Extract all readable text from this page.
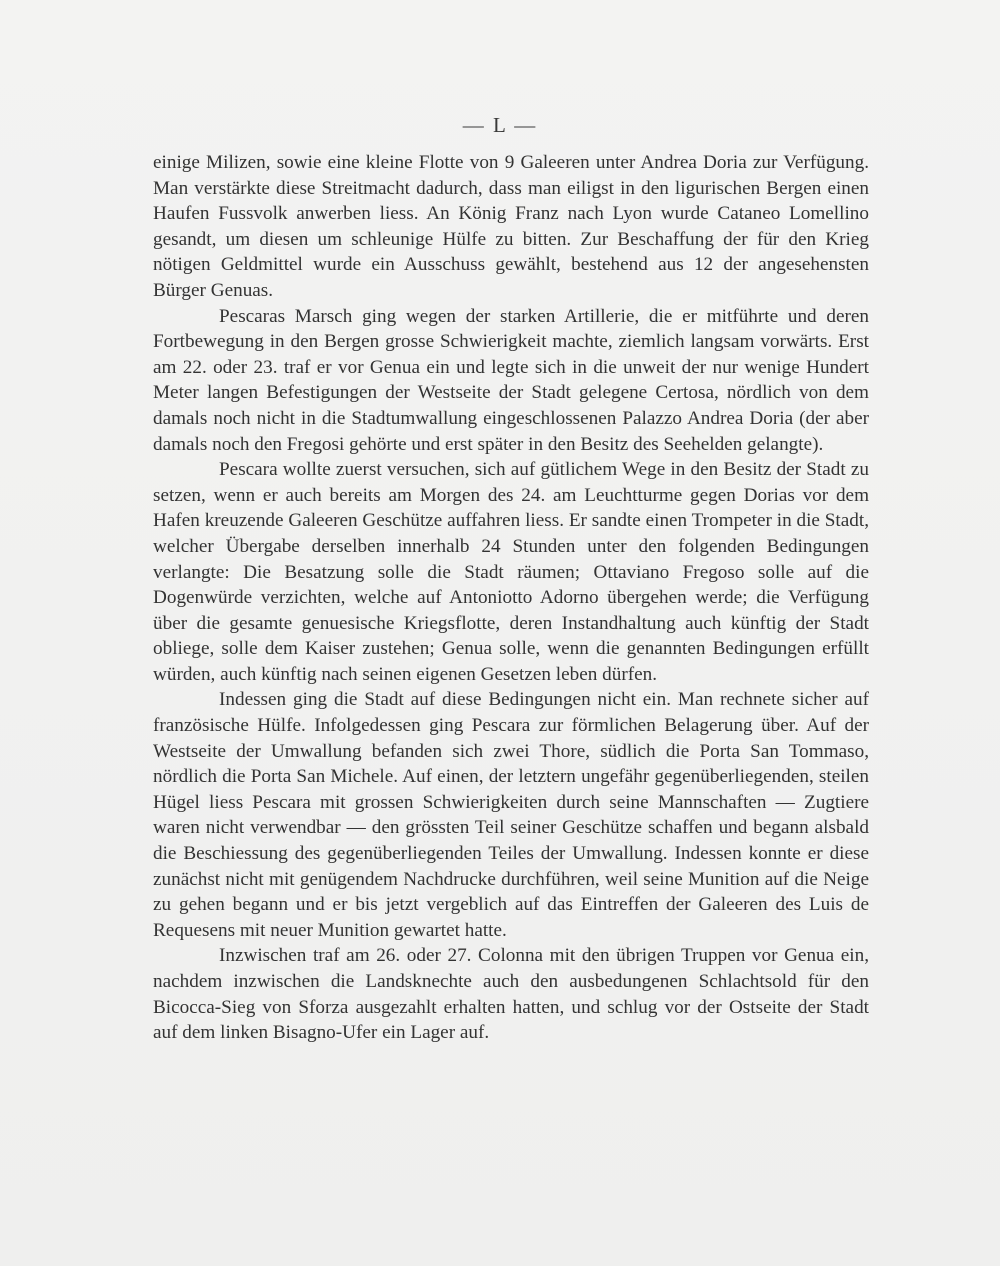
— L —

einige Milizen, sowie eine kleine Flotte von 9 Galeeren unter Andrea Doria zur Verfügung. Man verstärkte diese Streitmacht dadurch, dass man eiligst in den ligurischen Bergen einen Haufen Fussvolk anwerben liess. An König Franz nach Lyon wurde Cataneo Lomellino gesandt, um diesen um schleunige Hülfe zu bitten. Zur Beschaffung der für den Krieg nötigen Geldmittel wurde ein Ausschuss gewählt, bestehend aus 12 der angesehensten Bürger Genuas.

Pescaras Marsch ging wegen der starken Artillerie, die er mitführte und deren Fortbewegung in den Bergen grosse Schwierigkeit machte, ziemlich langsam vorwärts. Erst am 22. oder 23. traf er vor Genua ein und legte sich in die unweit der nur wenige Hundert Meter langen Befestigungen der Westseite der Stadt gelegene Certosa, nördlich von dem damals noch nicht in die Stadtumwallung eingeschlossenen Palazzo Andrea Doria (der aber damals noch den Fregosi gehörte und erst später in den Besitz des Seehelden gelangte).

Pescara wollte zuerst versuchen, sich auf gütlichem Wege in den Besitz der Stadt zu setzen, wenn er auch bereits am Morgen des 24. am Leuchtturme gegen Dorias vor dem Hafen kreuzende Galeeren Geschütze auffahren liess. Er sandte einen Trompeter in die Stadt, welcher Übergabe derselben innerhalb 24 Stunden unter den folgenden Bedingungen verlangte: Die Besatzung solle die Stadt räumen; Ottaviano Fregoso solle auf die Dogenwürde verzichten, welche auf Antoniotto Adorno übergehen werde; die Verfügung über die gesamte genuesische Kriegsflotte, deren Instandhaltung auch künftig der Stadt obliege, solle dem Kaiser zustehen; Genua solle, wenn die genannten Bedingungen erfüllt würden, auch künftig nach seinen eigenen Gesetzen leben dürfen.

Indessen ging die Stadt auf diese Bedingungen nicht ein. Man rechnete sicher auf französische Hülfe. Infolgedessen ging Pescara zur förmlichen Belagerung über. Auf der Westseite der Umwallung befanden sich zwei Thore, südlich die Porta San Tommaso, nördlich die Porta San Michele. Auf einen, der letztern ungefähr gegenüberliegenden, steilen Hügel liess Pescara mit grossen Schwierigkeiten durch seine Mannschaften — Zugtiere waren nicht verwendbar — den grössten Teil seiner Geschütze schaffen und begann alsbald die Beschiessung des gegenüberliegenden Teiles der Umwallung. Indessen konnte er diese zunächst nicht mit genügendem Nachdrucke durchführen, weil seine Munition auf die Neige zu gehen begann und er bis jetzt vergeblich auf das Eintreffen der Galeeren des Luis de Requesens mit neuer Munition gewartet hatte.

Inzwischen traf am 26. oder 27. Colonna mit den übrigen Truppen vor Genua ein, nachdem inzwischen die Landsknechte auch den ausbedungenen Schlachtsold für den Bicocca-Sieg von Sforza ausgezahlt erhalten hatten, und schlug vor der Ostseite der Stadt auf dem linken Bisagno-Ufer ein Lager auf.
